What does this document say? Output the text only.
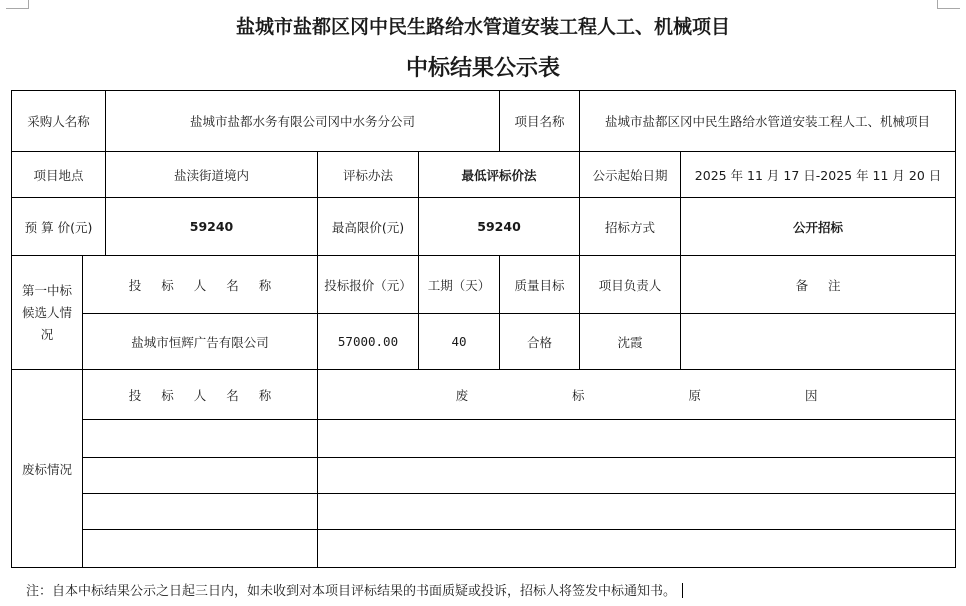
盐城市盐都区冈中民生路给水管道安装工程人工、机械项目
中标结果公示表
采购人名称		盐城市盐都水务有限公司冈中水务分公司			项目名称	盐城市盐都区冈中民生路给水管道安装工程人工、机械项目	
项目地点		盐渎街道境内	评标办法	最低评标价法		公示起始日期	2025 年 11 月 17 日-2025 年 11 月 20 日
预 算 价(元)		59240	最高限价(元)	59240		招标方式	公开招标
第一中标候选人情况	投 标 人 名 称		投标报价（元）	工期（天）	质量目标	项目负责人	备 注
	盐城市恒辉广告有限公司		57000.00	40	合格	沈霞	
废标情况	投 标 人 名 称		废 标 原 因				

注：自本中标结果公示之日起三日内，如未收到对本项目评标结果的书面质疑或投诉，招标人将签发中标通知书。
